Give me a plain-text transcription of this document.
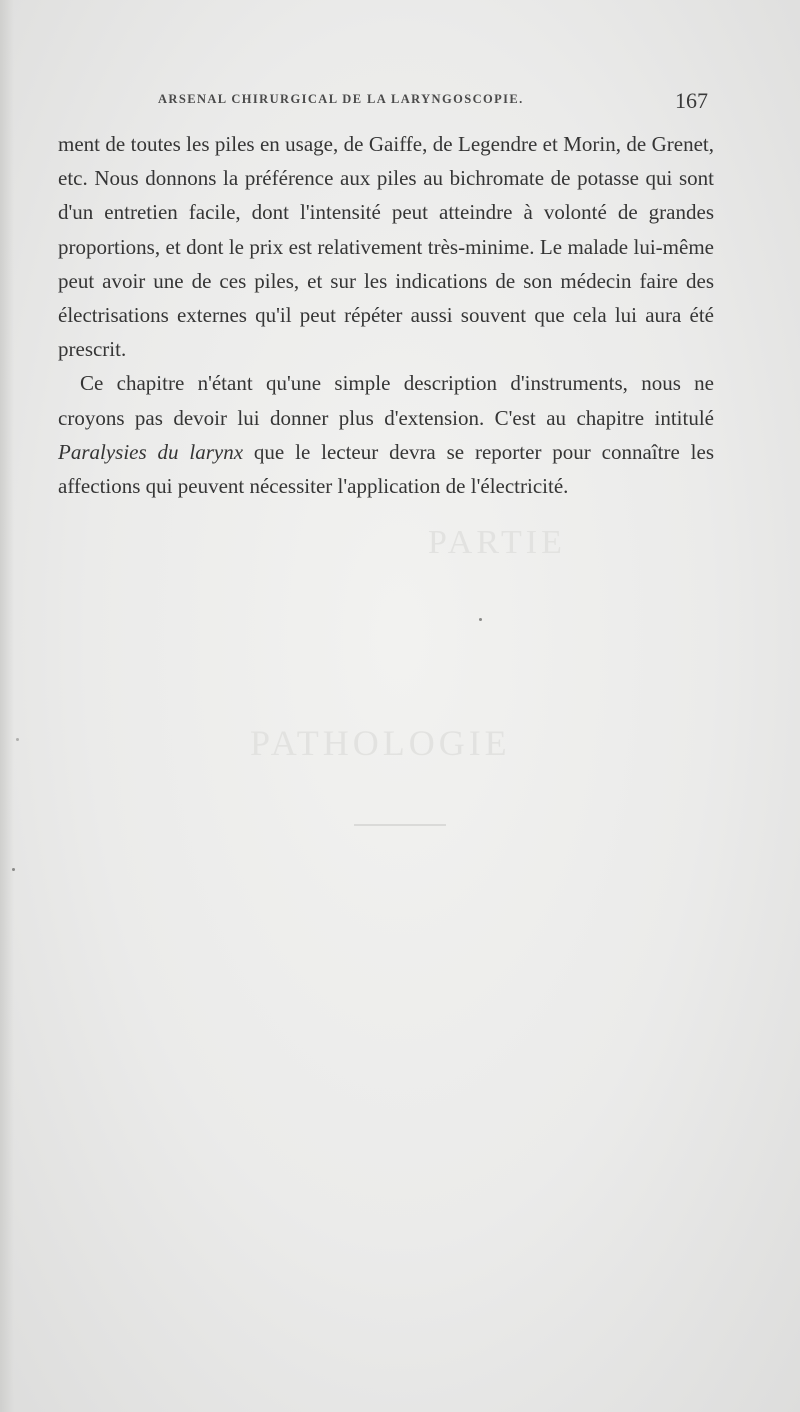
ARSENAL CHIRURGICAL DE LA LARYNGOSCOPIE.	167
PARTIE
PATHOLOGIE

ment de toutes les piles en usage, de Gaiffe, de Legendre et Morin, de Grenet, etc. Nous donnons la préférence aux piles au bichromate de potasse qui sont d'un entretien facile, dont l'intensité peut atteindre à volonté de grandes proportions, et dont le prix est relativement très-minime. Le malade lui-même peut avoir une de ces piles, et sur les indications de son médecin faire des électrisations externes qu'il peut répéter aussi souvent que cela lui aura été prescrit.

Ce chapitre n'étant qu'une simple description d'instruments, nous ne croyons pas devoir lui donner plus d'extension. C'est au chapitre intitulé Paralysies du larynx que le lecteur devra se reporter pour connaître les affections qui peuvent nécessiter l'application de l'électricité.
